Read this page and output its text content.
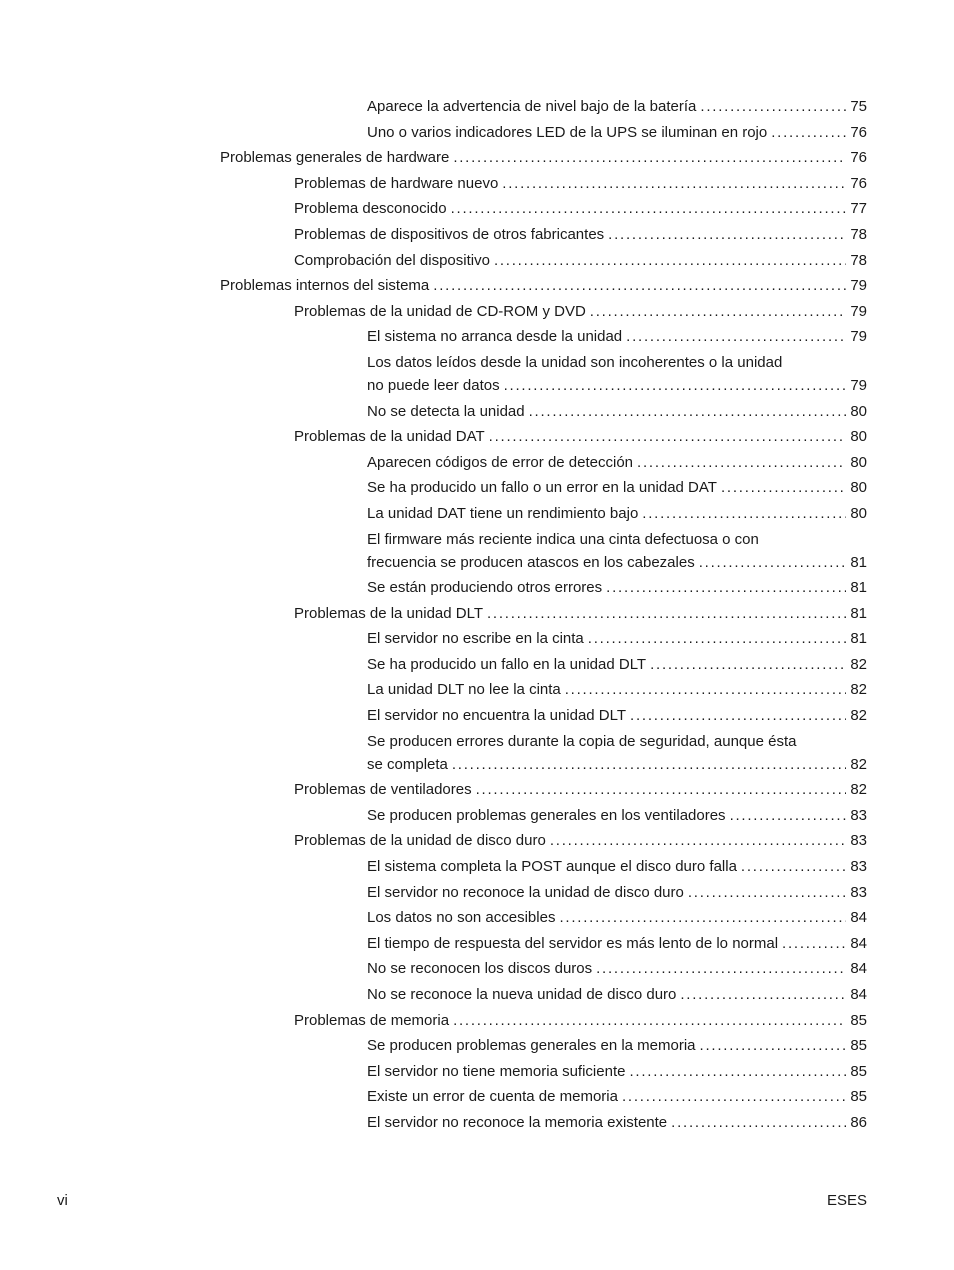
Aparece la advertencia de nivel bajo de la batería . . .	75
Uno o varios indicadores LED de la UPS se iluminan en rojo . . .	76
Problemas generales de hardware . . .	76
Problemas de hardware nuevo . . .	76
Problema desconocido . . .	77
Problemas de dispositivos de otros fabricantes . . .	78
Comprobación del dispositivo . . .	78
Problemas internos del sistema . . .	79
Problemas de la unidad de CD-ROM y DVD . . .	79
El sistema no arranca desde la unidad . . .	79
Los datos leídos desde la unidad son incoherentes o la unidad
no puede leer datos . . .	79
No se detecta la unidad . . .	80
Problemas de la unidad DAT . . .	80
Aparecen códigos de error de detección . . .	80
Se ha producido un fallo o un error en la unidad DAT . . .	80
La unidad DAT tiene un rendimiento bajo . . .	80
El firmware más reciente indica una cinta defectuosa o con
frecuencia se producen atascos en los cabezales . . .	81
Se están produciendo otros errores . . .	81
Problemas de la unidad DLT . . .	81
El servidor no escribe en la cinta . . .	81
Se ha producido un fallo en la unidad DLT . . .	82
La unidad DLT no lee la cinta . . .	82
El servidor no encuentra la unidad DLT . . .	82
Se producen errores durante la copia de seguridad, aunque ésta
se completa . . .	82
Problemas de ventiladores . . .	82
Se producen problemas generales en los ventiladores . . .	83
Problemas de la unidad de disco duro . . .	83
El sistema completa la POST aunque el disco duro falla . . .	83
El servidor no reconoce la unidad de disco duro . . .	83
Los datos no son accesibles . . .	84
El tiempo de respuesta del servidor es más lento de lo normal . . .	84
No se reconocen los discos duros . . .	84
No se reconoce la nueva unidad de disco duro . . .	84
Problemas de memoria . . .	85
Se producen problemas generales en la memoria . . .	85
El servidor no tiene memoria suficiente . . .	85
Existe un error de cuenta de memoria . . .	85
El servidor no reconoce la memoria existente . . .	86
vi	ESES
